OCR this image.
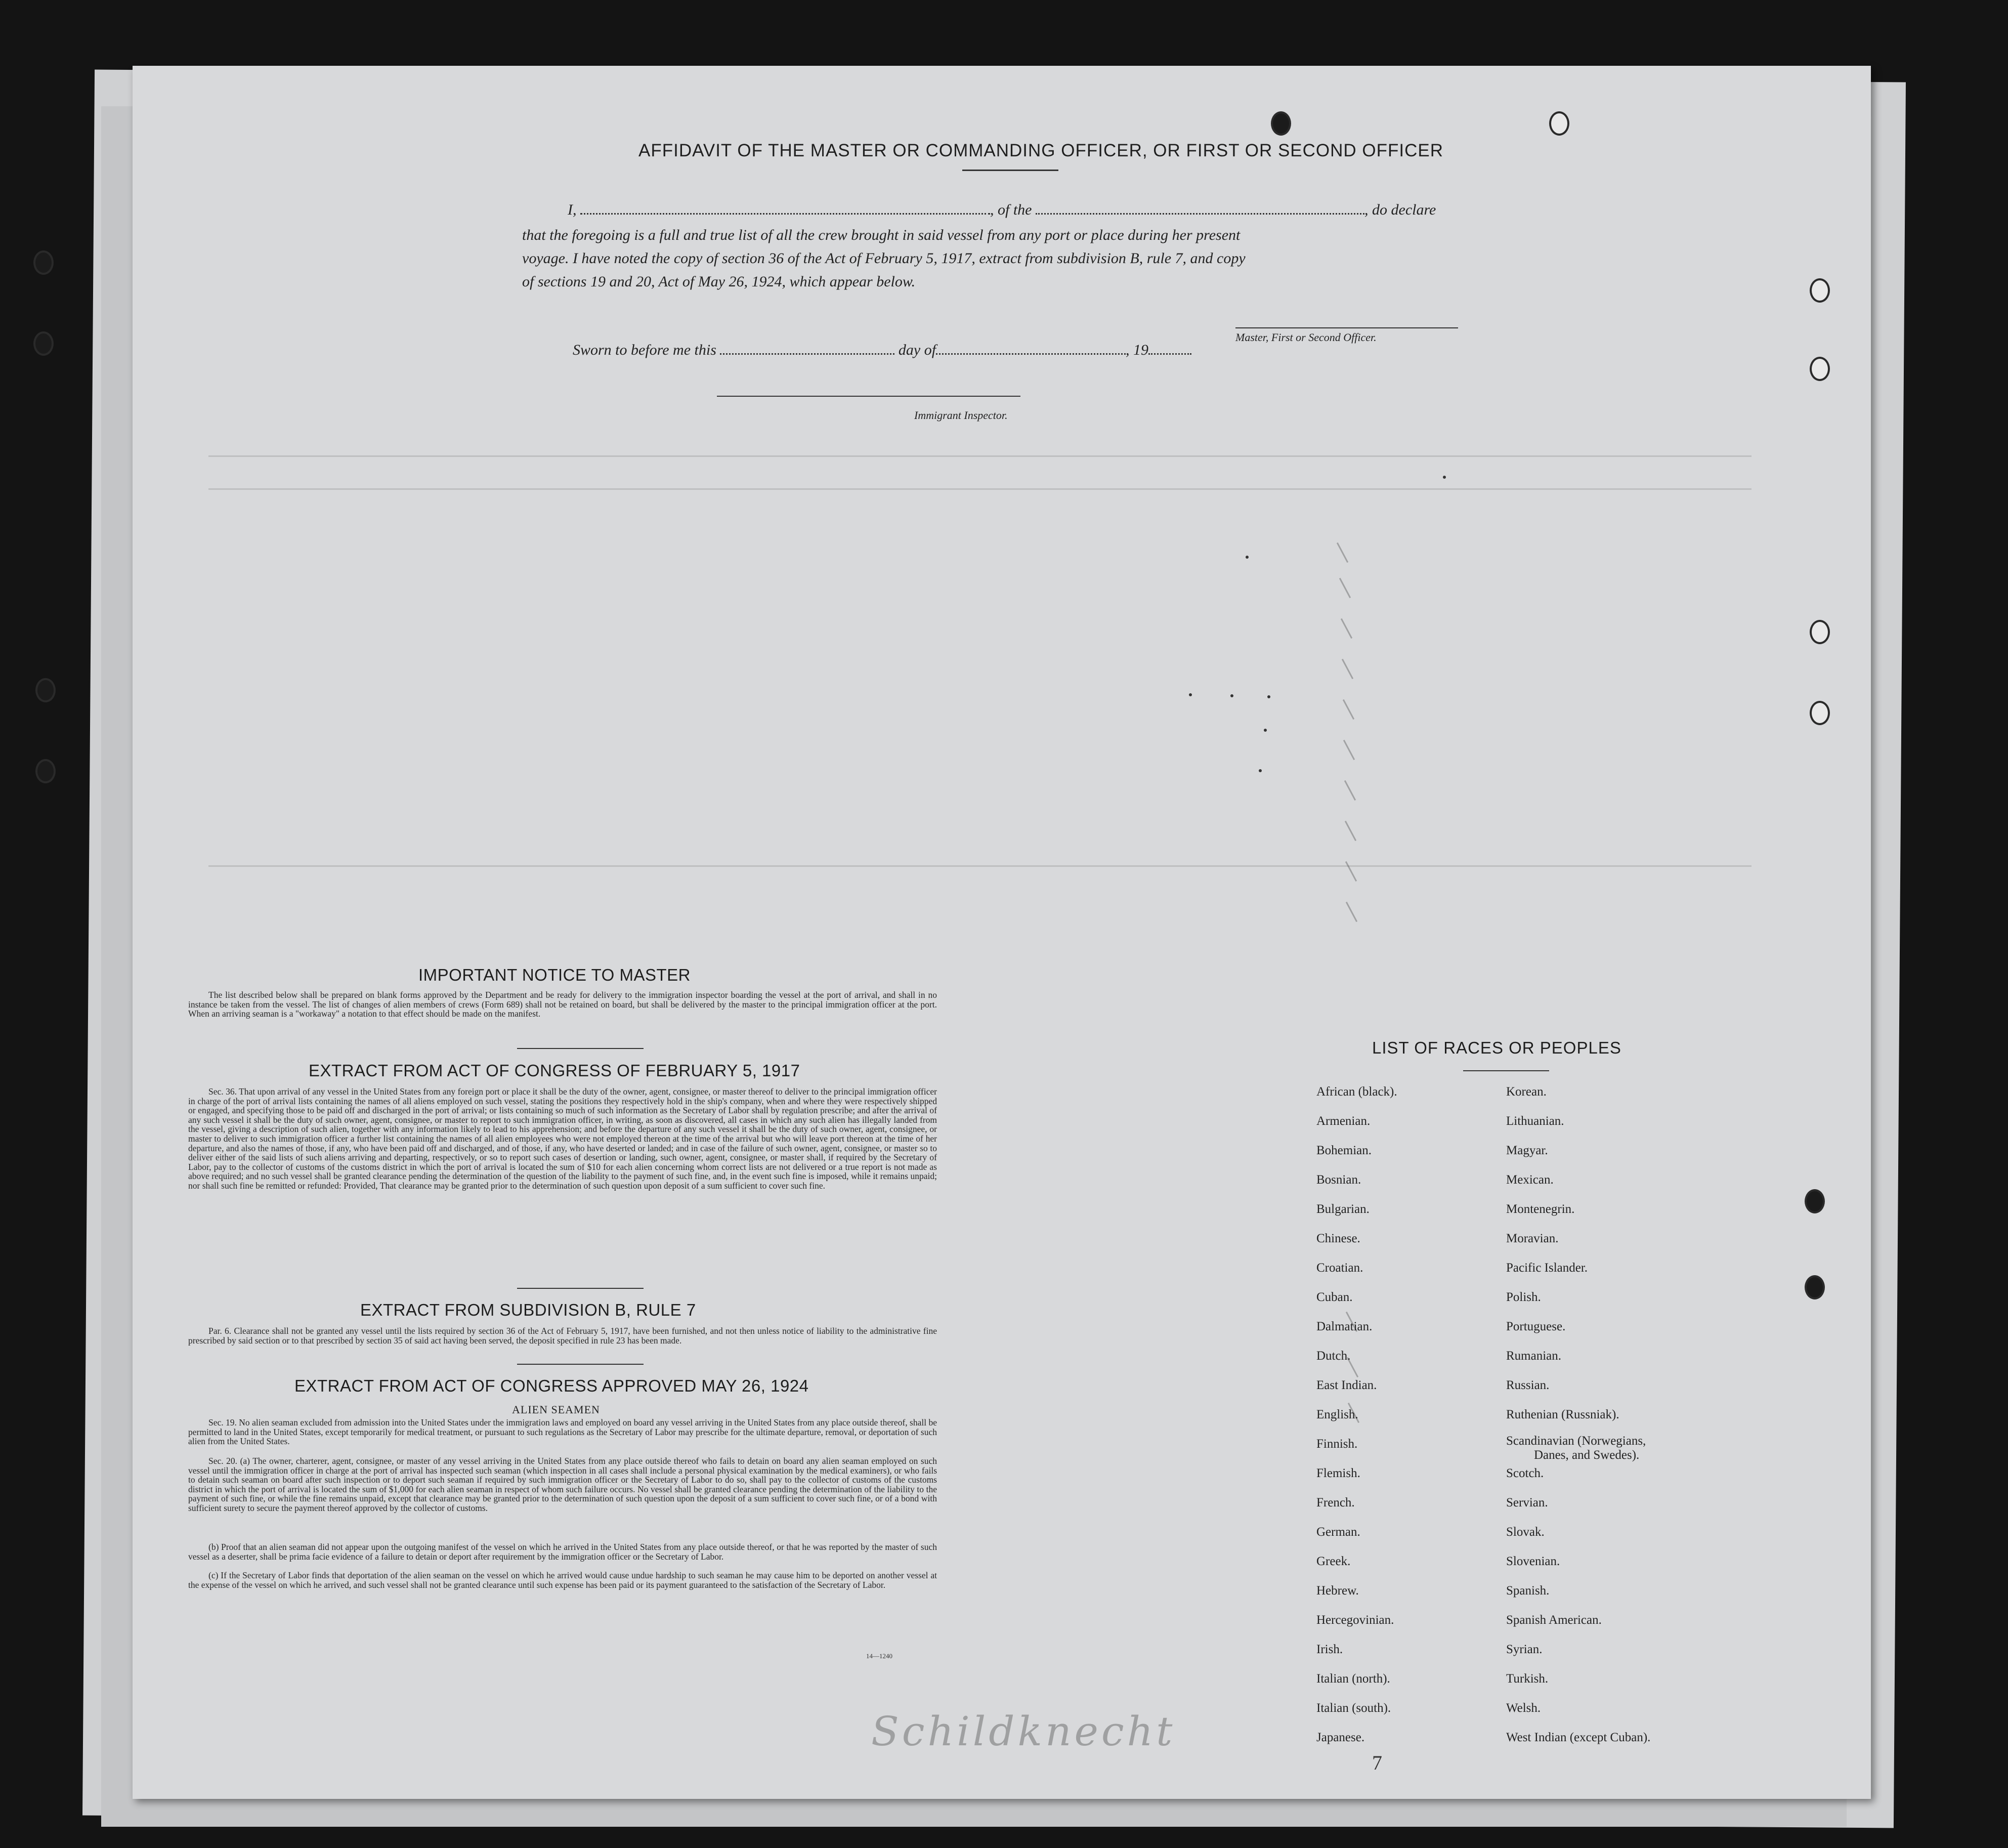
AFFIDAVIT OF THE MASTER OR COMMANDING OFFICER, OR FIRST OR SECOND OFFICER
I,	, of the	, do declare
that the foregoing is a full and true list of all the crew brought in said vessel from any port or place during her present
voyage. I have noted the copy of section 36 of the Act of February 5, 1917, extract from subdivision B, rule 7, and copy
of sections 19 and 20, Act of May 26, 1924, which appear below.
Master, First or Second Officer.
Sworn to before me this	day of	, 19
Immigrant Inspector.
IMPORTANT NOTICE TO MASTER

The list described below shall be prepared on blank forms approved by the Department and be ready for delivery to the immigration inspector boarding the vessel at the port of arrival, and shall in no instance be taken from the vessel. The list of changes of alien members of crews (Form 689) shall not be retained on board, but shall be delivered by the master to the principal immigration officer at the port. When an arriving seaman is a "workaway" a notation to that effect should be made on the manifest.

EXTRACT FROM ACT OF CONGRESS OF FEBRUARY 5, 1917

Sec. 36. That upon arrival of any vessel in the United States from any foreign port or place it shall be the duty of the owner, agent, consignee, or master thereof to deliver to the principal immigration officer in charge of the port of arrival lists containing the names of all aliens employed on such vessel, stating the positions they respectively hold in the ship's company, when and where they were respectively shipped or engaged, and specifying those to be paid off and discharged in the port of arrival; or lists containing so much of such information as the Secretary of Labor shall by regulation prescribe; and after the arrival of any such vessel it shall be the duty of such owner, agent, consignee, or master to report to such immigration officer, in writing, as soon as discovered, all cases in which any such alien has illegally landed from the vessel, giving a description of such alien, together with any information likely to lead to his apprehension; and before the departure of any such vessel it shall be the duty of such owner, agent, consignee, or master to deliver to such immigration officer a further list containing the names of all alien employees who were not employed thereon at the time of the arrival but who will leave port thereon at the time of her departure, and also the names of those, if any, who have been paid off and discharged, and of those, if any, who have deserted or landed; and in case of the failure of such owner, agent, consignee, or master so to deliver either of the said lists of such aliens arriving and departing, respectively, or so to report such cases of desertion or landing, such owner, agent, consignee, or master shall, if required by the Secretary of Labor, pay to the collector of customs of the customs district in which the port of arrival is located the sum of $10 for each alien concerning whom correct lists are not delivered or a true report is not made as above required; and no such vessel shall be granted clearance pending the determination of the question of the liability to the payment of such fine, and, in the event such fine is imposed, while it remains unpaid; nor shall such fine be remitted or refunded: Provided, That clearance may be granted prior to the determination of such question upon deposit of a sum sufficient to cover such fine.

EXTRACT FROM SUBDIVISION B, RULE 7

Par. 6. Clearance shall not be granted any vessel until the lists required by section 36 of the Act of February 5, 1917, have been furnished, and not then unless notice of liability to the administrative fine prescribed by said section or to that prescribed by section 35 of said act having been served, the deposit specified in rule 23 has been made.

EXTRACT FROM ACT OF CONGRESS APPROVED MAY 26, 1924
ALIEN SEAMEN

Sec. 19. No alien seaman excluded from admission into the United States under the immigration laws and employed on board any vessel arriving in the United States from any place outside thereof, shall be permitted to land in the United States, except temporarily for medical treatment, or pursuant to such regulations as the Secretary of Labor may prescribe for the ultimate departure, removal, or deportation of such alien from the United States.

Sec. 20. (a) The owner, charterer, agent, consignee, or master of any vessel arriving in the United States from any place outside thereof who fails to detain on board any alien seaman employed on such vessel until the immigration officer in charge at the port of arrival has inspected such seaman (which inspection in all cases shall include a personal physical examination by the medical examiners), or who fails to detain such seaman on board after such inspection or to deport such seaman if required by such immigration officer or the Secretary of Labor to do so, shall pay to the collector of customs of the customs district in which the port of arrival is located the sum of $1,000 for each alien seaman in respect of whom such failure occurs. No vessel shall be granted clearance pending the determination of the liability to the payment of such fine, or while the fine remains unpaid, except that clearance may be granted prior to the determination of such question upon the deposit of a sum sufficient to cover such fine, or of a bond with sufficient surety to secure the payment thereof approved by the collector of customs.

(b) Proof that an alien seaman did not appear upon the outgoing manifest of the vessel on which he arrived in the United States from any place outside thereof, or that he was reported by the master of such vessel as a deserter, shall be prima facie evidence of a failure to detain or deport after requirement by the immigration officer or the Secretary of Labor.

(c) If the Secretary of Labor finds that deportation of the alien seaman on the vessel on which he arrived would cause undue hardship to such seaman he may cause him to be deported on another vessel at the expense of the vessel on which he arrived, and such vessel shall not be granted clearance until such expense has been paid or its payment guaranteed to the satisfaction of the Secretary of Labor.

14—1240
LIST OF RACES OR PEOPLES
African (black).
Armenian.
Bohemian.
Bosnian.
Bulgarian.
Chinese.
Croatian.
Cuban.
Dalmatian.
Dutch.
East Indian.
English.
Finnish.
Flemish.
French.
German.
Greek.
Hebrew.
Hercegovinian.
Irish.
Italian (north).
Italian (south).
Japanese.
Korean.
Lithuanian.
Magyar.
Mexican.
Montenegrin.
Moravian.
Pacific Islander.
Polish.
Portuguese.
Rumanian.
Russian.
Ruthenian (Russniak).
Scandinavian (Norwegians,
Danes, and Swedes).
Scotch.
Servian.
Slovak.
Slovenian.
Spanish.
Spanish American.
Syrian.
Turkish.
Welsh.
West Indian (except Cuban).
Schildknecht
7
